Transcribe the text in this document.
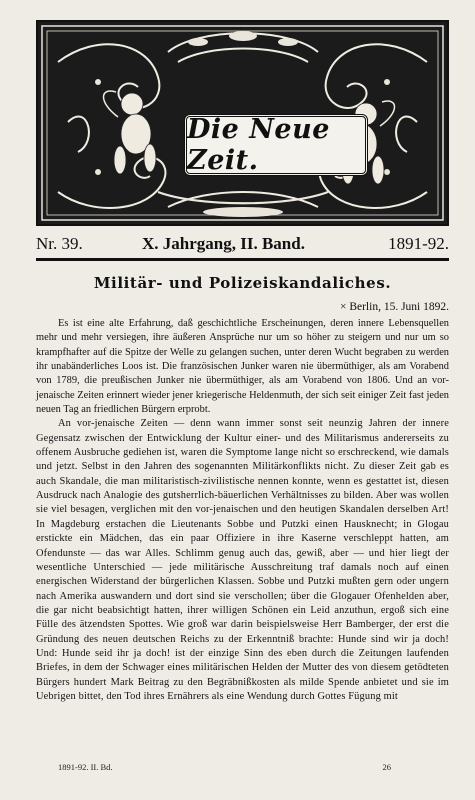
Die Neue Zeit.
Nr. 39.	X. Jahrgang, II. Band.	1891-92.
Militär- und Polizeiskandaliches.
× Berlin, 15. Juni 1892.

Es ist eine alte Erfahrung, daß geschichtliche Erscheinungen, deren innere Lebensquellen mehr und mehr versiegen, ihre äußeren Ansprüche nur um so höher zu steigern und nur um so krampfhafter auf die Spitze der Welle zu gelangen suchen, unter deren Wucht begraben zu werden ihr unabänderliches Loos ist. Die französischen Junker waren nie übermüthiger, als am Vorabend von 1789, die preußischen Junker nie übermüthiger, als am Vorabend von 1806. Und an vor-jenaische Zeiten erinnert wieder jener kriegerische Heldenmuth, der sich seit einiger Zeit fast jeden neuen Tag an friedlichen Bürgern erprobt.

An vor-jenaische Zeiten — denn wann immer sonst seit neunzig Jahren der innere Gegensatz zwischen der Entwicklung der Kultur einer- und des Militarismus andererseits zu offenem Ausbruche gediehen ist, waren die Symptome lange nicht so erschreckend, wie damals und jetzt. Selbst in den Jahren des sogenannten Militärkonflikts nicht. Zu dieser Zeit gab es auch Skandale, die man militaristisch-zivilistische nennen konnte, wenn es gestattet ist, diesen Ausdruck nach Analogie des gutsherrlich-bäuerlichen Verhältnisses zu bilden. Aber was wollen sie viel besagen, verglichen mit den vor-jenaischen und den heutigen Skandalen derselben Art! In Magdeburg erstachen die Lieutenants Sobbe und Putzki einen Hausknecht; in Glogau erstickte ein Mädchen, das ein paar Offiziere in ihre Kaserne verschleppt hatten, am Ofendunste — das war Alles. Schlimm genug auch das, gewiß, aber — und hier liegt der wesentliche Unterschied — jede militärische Ausschreitung traf damals noch auf einen energischen Widerstand der bürgerlichen Klassen. Sobbe und Putzki mußten gern oder ungern nach Amerika auswandern und dort sind sie verschollen; über die Glogauer Ofenhelden aber, die gar nicht beabsichtigt hatten, ihrer willigen Schönen ein Leid anzuthun, ergoß sich eine Fülle des ätzendsten Spottes. Wie groß war darin beispielsweise Herr Bamberger, der erst die Gründung des neuen deutschen Reichs zu der Erkenntniß brachte: Hunde sind wir ja doch! Und: Hunde seid ihr ja doch! ist der einzige Sinn des eben durch die Zeitungen laufenden Briefes, in dem der Schwager eines militärischen Helden der Mutter des von diesem getödteten Bürgers hundert Mark Beitrag zu den Begräbnißkosten als milde Spende anbietet und sie im Uebrigen bittet, den Tod ihres Ernährers als eine Wendung durch Gottes Fügung mit

1891-92. II. Bd.	26
